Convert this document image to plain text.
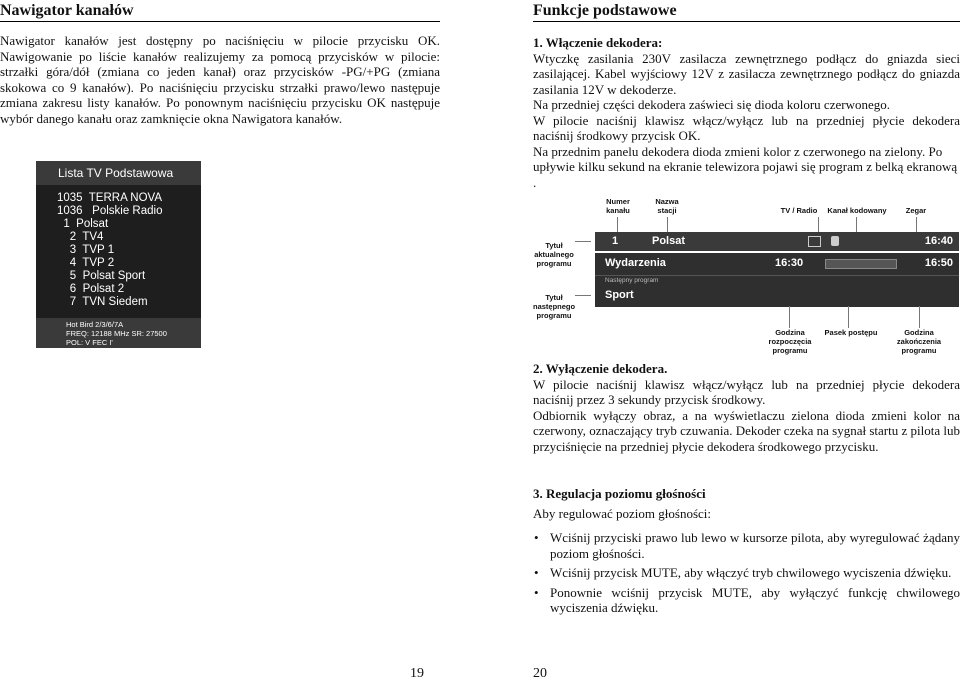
Nawigator kanałów

Nawigator kanałów jest dostępny po naciśnięciu w pilocie przycisku OK. Nawigowanie po liście kanałów realizujemy za pomocą przycisków w pilocie: strzałki góra/dół (zmiana co jeden kanał) oraz przycisków -PG/+PG (zmiana skokowa co 9 kanałów). Po naciśnięciu przycisku strzałki prawo/lewo następuje zmiana zakresu listy kanałów. Po ponownym naciśnięciu przycisku OK następuje wybór danego kanału oraz zamknięcie okna Nawigatora kanałów.

Lista TV Podstawowa
1035  TERRA NOVA
1036   Polskie Radio
1  Polsat
2  TV4
3  TVP 1
4  TVP 2
5  Polsat Sport
6  Polsat 2
7  TVN Siedem
Hot Bird 2/3/6/7A
FREQ: 12188 MHz SR: 27500
POL: V FEC I'
19
Funkcje podstawowe

1. Włączenie dekodera:

Wtyczkę zasilania 230V zasilacza zewnętrznego podłącz do gniazda sieci zasilającej. Kabel wyjściowy 12V z zasilacza zewnętrznego podłącz do gniazda zasilania 12V w dekoderze.

Na przedniej części dekodera zaświeci się dioda koloru czerwonego.

W pilocie naciśnij klawisz włącz/wyłącz lub na przedniej płycie dekodera naciśnij środkowy przycisk OK.

Na przednim panelu dekodera dioda zmieni kolor z czerwonego na zielony. Po upływie kilku sekund na ekranie telewizora pojawi się program z belką ekranową .

2. Wyłączenie dekodera.

W pilocie naciśnij klawisz włącz/wyłącz lub na przedniej płycie dekodera naciśnij przez 3 sekundy przycisk środkowy.

Odbiornik wyłączy obraz, a na wyświetlaczu zielona dioda zmieni kolor na czerwony, oznaczający tryb czuwania. Dekoder czeka na sygnał startu z pilota lub przyciśnięcie na przedniej płycie dekodera środkowego przycisku.

3. Regulacja poziomu głośności

Aby regulować poziom głośności:

• Wciśnij przyciski prawo lub lewo w kursorze pilota, aby wyregulować żądany poziom głośności.
• Wciśnij przycisk MUTE, aby włączyć tryb chwilowego wyciszenia dźwięku.
• Ponownie wciśnij przycisk MUTE, aby wyłączyć funkcję chwilowego wyciszenia dźwięku.
20
Numer kanału
Nazwa stacji	TV / Radio	Kanał kodowany	Zegar
Tytuł aktualnego programu
Tytuł następnego programu
1	Polsat	16:40
Wydarzenia	16:30	16:50
Następny program
Sport
Godzina rozpoczęcia programu
Pasek postępu	Godzina zakończenia programu
